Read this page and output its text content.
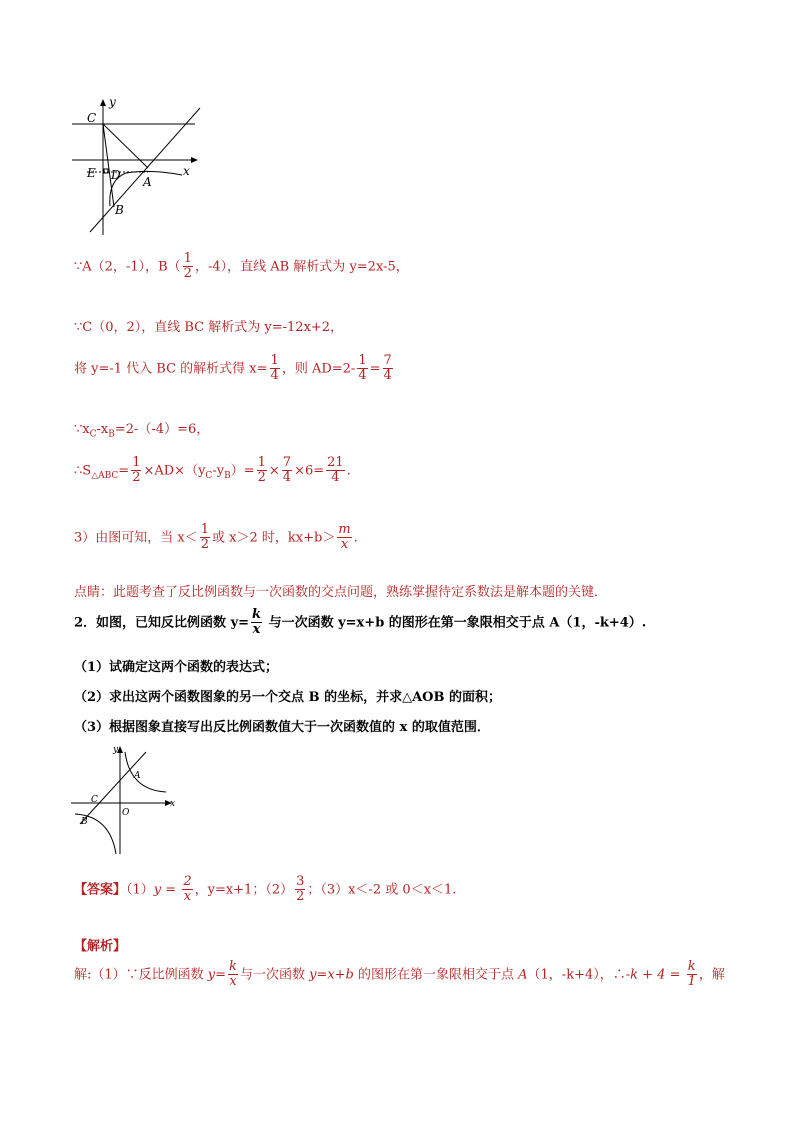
y
x
C
E D A
B
∵A（2，-1），$B( \frac{1}{2}$ ，-4），直线 AB 解析式为 y=2x-5，
∵C（0，2），直线 BC 解析式为 y=-12x+2，
将 y=-1 代入 BC 的解析式得 $x= \frac{1}{4}$ ，则 $AD=2- \frac{1}{4} = \frac{7}{4}$
$\because x_C-x_B=2-(-4)=6$，
$\therefore S_{\triangle ABC}= \frac{1}{2} \times AD\times(y_C-y_B)= \frac{1}{2} \times \frac{7}{4} \times 6= \frac{21}{4}$ .
3）由图可知，当 $x< \frac{1}{2}$ 或 x＞2 时，$kx+b> \frac{m}{x}$ .
点睛：此题考查了反比例函数与一次函数的交点问题，熟练掌握待定系数法是解本题的关键．
2．如图，已知反比例函数 $y= \frac{k}{x}$ 与一次函数 y=x+b 的图形在第一象限相交于点 A（1，-k+4）.
（1）试确定这两个函数的表达式；
（2）求出这两个函数图象的另一个交点 B 的坐标，并求△AOB 的面积；
（3）根据图象直接写出反比例函数值大于一次函数值的 x 的取值范围．
y
x
A
C
O
B
【答案】$(1)y = \frac{2}{x}$ ，y=x+1；$(2) \frac{3}{2}$ ；（3）x＜-2 或 0＜x＜1.
【解析】
解:（1）∵反比例函数 $y= \frac{k}{x}$ 与一次函数 y=x+b 的图形在第一象限相交于点 A（1，-k+4），∴-k + $4 = \frac{k}{1}$ ，解
